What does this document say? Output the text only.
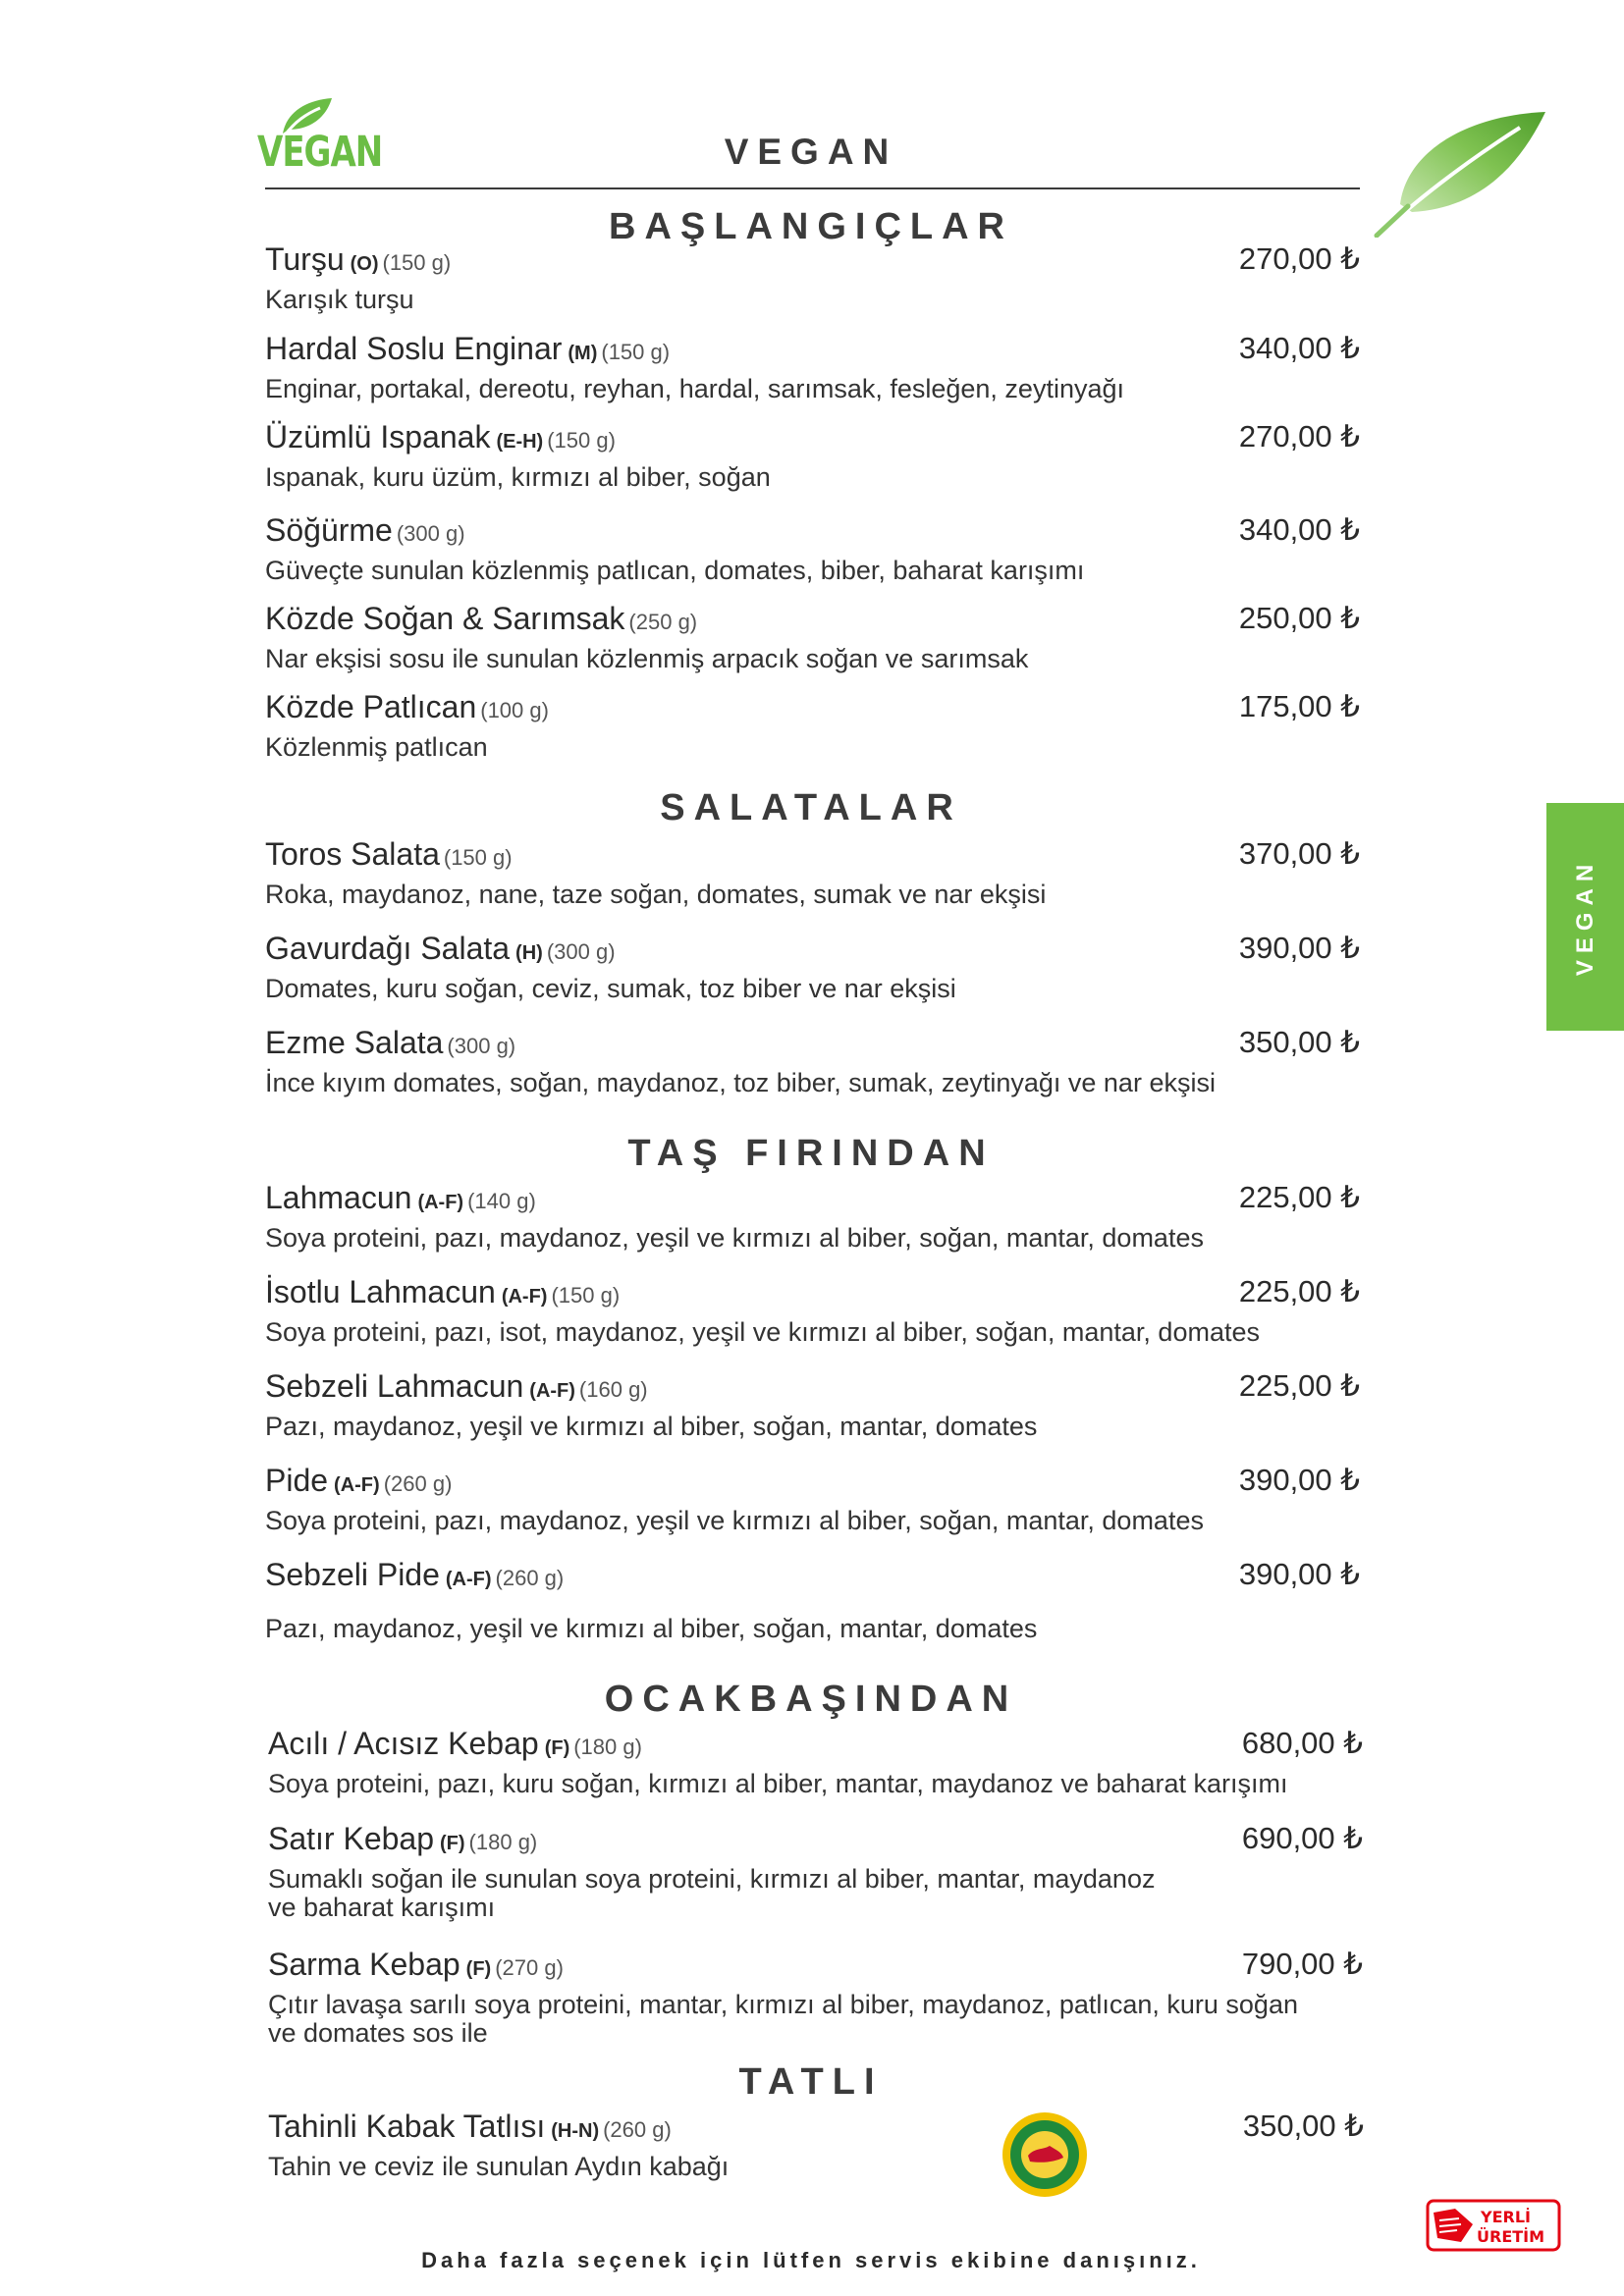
VEGAN	VEGAN
VEGAN
BAŞLANGIÇLAR
Turşu (O) (150 g)	270,00 ₺
Karışık turşu
Hardal Soslu Enginar (M) (150 g)	340,00 ₺
Enginar, portakal, dereotu, reyhan, hardal, sarımsak, fesleğen, zeytinyağı
Üzümlü Ispanak (E-H) (150 g)	270,00 ₺
Ispanak, kuru üzüm, kırmızı al biber, soğan
Söğürme (300 g)	340,00 ₺
Güveçte sunulan közlenmiş patlıcan, domates, biber, baharat karışımı
Közde Soğan & Sarımsak (250 g)	250,00 ₺
Nar ekşisi sosu ile sunulan közlenmiş arpacık soğan ve sarımsak
Közde Patlıcan (100 g)	175,00 ₺
Közlenmiş patlıcan
SALATALAR
Toros Salata (150 g)	370,00 ₺
Roka, maydanoz, nane, taze soğan, domates, sumak ve nar ekşisi
Gavurdağı Salata (H) (300 g)	390,00 ₺
Domates, kuru soğan, ceviz, sumak, toz biber ve nar ekşisi
Ezme Salata (300 g)	350,00 ₺
İnce kıyım domates, soğan, maydanoz, toz biber, sumak, zeytinyağı ve nar ekşisi
TAŞ FIRINDAN
Lahmacun (A-F) (140 g)	225,00 ₺
Soya proteini, pazı, maydanoz, yeşil ve kırmızı al biber, soğan, mantar, domates
İsotlu Lahmacun (A-F) (150 g)	225,00 ₺
Soya proteini, pazı, isot, maydanoz, yeşil ve kırmızı al biber, soğan, mantar, domates
Sebzeli Lahmacun (A-F) (160 g)	225,00 ₺
Pazı, maydanoz, yeşil ve kırmızı al biber, soğan, mantar, domates
Pide (A-F) (260 g)	390,00 ₺
Soya proteini, pazı, maydanoz, yeşil ve kırmızı al biber, soğan, mantar, domates
Sebzeli Pide (A-F) (260 g)	390,00 ₺
Pazı, maydanoz, yeşil ve kırmızı al biber, soğan, mantar, domates
OCAKBAŞINDAN
Acılı / Acısız Kebap (F) (180 g)	680,00 ₺
Soya proteini, pazı, kuru soğan, kırmızı al biber, mantar, maydanoz ve baharat karışımı
Satır Kebap (F) (180 g)	690,00 ₺
Sumaklı soğan ile sunulan soya proteini, kırmızı al biber, mantar, maydanoz
ve baharat karışımı
Sarma Kebap (F) (270 g)	790,00 ₺
Çıtır lavaşa sarılı soya proteini, mantar, kırmızı al biber, maydanoz, patlıcan, kuru soğan
ve domates sos ile
TATLI
Tahinli Kabak Tatlısı (H-N) (260 g)	350,00 ₺
Tahin ve ceviz ile sunulan Aydın kabağı
YERLİ
ÜRETİM
Daha fazla seçenek için lütfen servis ekibine danışınız.
